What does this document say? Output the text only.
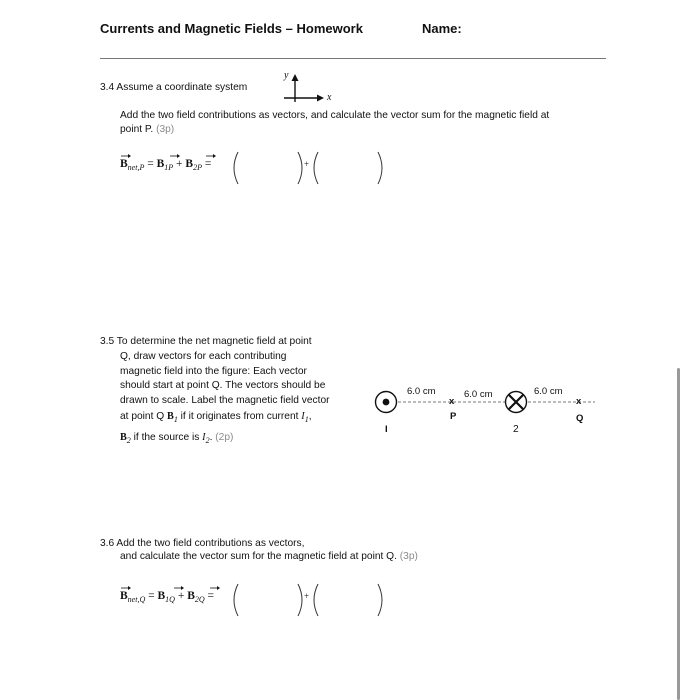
Currents and Magnetic Fields – Homework	Name:
3.4 Assume a coordinate system
y
x
Add the two field contributions as vectors, and calculate the vector sum for the magnetic field at
point P. (3p)
$B_{net,P} = B_{1P} + B_{2P}$ =	+
3.5 To determine the net magnetic field at point
Q, draw vectors for each contributing
magnetic field into the figure: Each vector
should start at point Q. The vectors should be
drawn to scale. Label the magnetic field vector
at point Q $B_1$ if it originates from current $I_1$,
$B_2$ if the source is $I_2$. (2p)
6.0 cm	6.0 cm	6.0 cm
x	x
I
P
2
Q
3.6 Add the two field contributions as vectors,
and calculate the vector sum for the magnetic field at point Q. (3p)
$B_{net,Q} = B_{1Q} + B_{2Q}$ =	+
